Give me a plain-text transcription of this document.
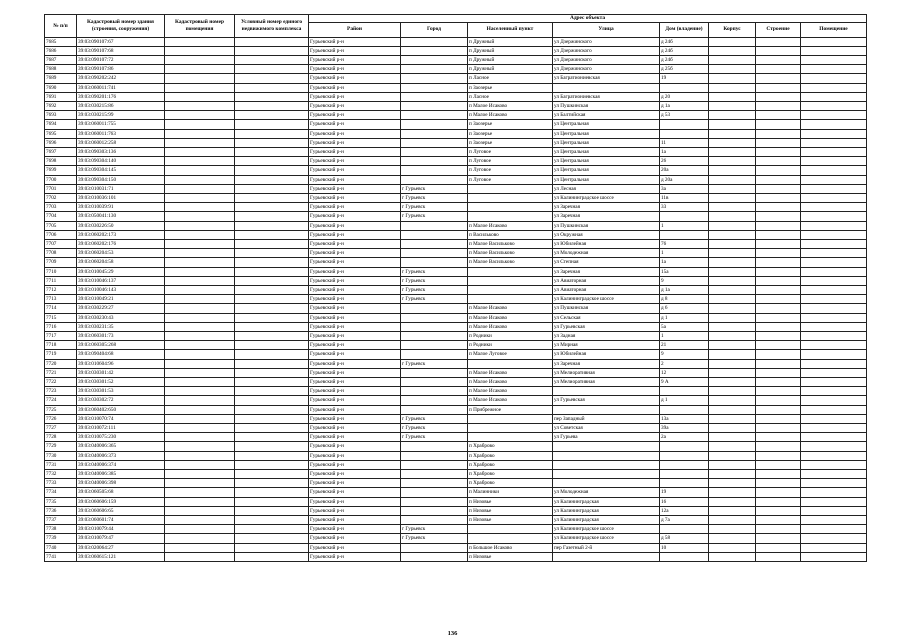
№ п/п	Кадастровый номер здания (строения, сооружения)	Кадастровый номер помещения	Условный номер единого недвижимого комплекса	Адрес объекта							
				Район	Город	Населенный пункт	Улица	Дом (владение)	Корпус	Строение	Помещение
7685	39:03:090107:67			Гурьевский р-н		п Дружный	ул Дзержинского	д 24б			
7686	39:03:090107:68			Гурьевский р-н		п Дружный	ул Дзержинского	д 24б			
7687	39:03:090107:72			Гурьевский р-н		п Дружный	ул Дзержинского	д 24б			
7688	39:03:090107:86			Гурьевский р-н		п Дружный	ул Дзержинского	д 25б			
7689	39:03:090202:242			Гурьевский р-н		п Ласное	ул Багратиониевская	19			
7690	39:03:060011:741			Гурьевский р-н		п Заозерье					
7691	39:03:090201:176			Гурьевский р-н		п Ласное	ул Багратиониевская	д 20			
7692	39:03:030215:86			Гурьевский р-н		п Малое Исаково	ул Пушкинская	д 1а			
7693	39:03:030215:99			Гурьевский р-н		п Малое Исаково	ул Балтийская	д 53			
7694	39:03:060011:755			Гурьевский р-н		п Заозерье	ул Центральная				
7695	39:03:060011:763			Гурьевский р-н		п Заозерье	ул Центральная				
7696	39:03:060012:258			Гурьевский р-н		п Заозерье	ул Центральная	11			
7697	39:03:090303:136			Гурьевский р-н		п Луговое	ул Центральная	1а			
7698	39:03:090304:140			Гурьевский р-н		п Луговое	ул Центральная	26			
7699	39:03:090304:145			Гурьевский р-н		п Луговое	ул Центральная	20а			
7700	39:03:090304:150			Гурьевский р-н		п Луговое	ул Центральная	д 20а			
7701	39:03:010031:71			Гурьевский р-н	г Гурьевск		ул Лесная	3а			
7702	39:03:010036:101			Гурьевский р-н	г Гурьевск		ул Калининградское шоссе	11в			
7703	39:03:010039:91			Гурьевский р-н	г Гурьевск		ул Заречная	33			
7704	39:03:050041:130			Гурьевский р-н	г Гурьевск		ул Заречная				
7705	39:03:030226:50			Гурьевский р-н		п Малое Исаково	ул Пушкинская	1			
7706	39:03:060202:173			Гурьевский р-н		п Васильково	ул Окружная				
7707	39:03:060202:176			Гурьевский р-н		п Малое Васильково	ул Юбилейная	76			
7708	39:03:060204:53			Гурьевский р-н		п Малое Васильково	ул Молодежная	1			
7709	39:03:060204:58			Гурьевский р-н		п Малое Васильково	ул Степная	1а			
7710	39:03:010045:29			Гурьевский р-н	г Гурьевск		ул Заречная	15а			
7711	39:03:010046:137			Гурьевский р-н	г Гурьевск		ул Авиаторная	9			
7712	39:03:010046:143			Гурьевский р-н	г Гурьевск		ул Авиаторная	д 1а			
7713	39:03:010049:21			Гурьевский р-н	г Гурьевск		ул Калининградское шоссе	д 8			
7714	39:03:030229:27			Гурьевский р-н		п Малое Исаково	ул Пушкинская	д 6			
7715	39:03:030230:43			Гурьевский р-н		п Малое Исаково	ул Сельская	д 1			
7716	39:03:030231:35			Гурьевский р-н		п Малое Исаково	ул Гурьевская	5а			
7717	39:03:060301:73			Гурьевский р-н		п Родники	ул Задная	1			
7718	39:03:060305:268			Гурьевский р-н		п Родники	ул Мирная	21			
7719	39:03:090404:68			Гурьевский р-н		п Малое Луговое	ул Юбилейная	9			
7720	39:03:010604:96			Гурьевский р-н	г Гурьевск		ул Заречная	2			
7721	39:03:030301:42			Гурьевский р-н		п Малое Исаково	ул Мелиоративная	12			
7722	39:03:030301:52			Гурьевский р-н		п Малое Исаково	ул Мелиоративная	9 А			
7723	39:03:030301:53			Гурьевский р-н		п Малое Исаково					
7724	39:03:030302:72			Гурьевский р-н		п Малое Исаково	ул Гурьевская	д 1			
7725	39:03:060402:650			Гурьевский р-н		п Прибрежное					
7726	39:03:010070:74			Гурьевский р-н	г Гурьевск		пер Западный	13а			
7727	39:03:010072:111			Гурьевский р-н	г Гурьевск		ул Советская	39а			
7728	39:03:010075:230			Гурьевский р-н	г Гурьевск		ул Гурьева	2а			
7729	39:03:040006:365			Гурьевский р-н		п Храброво					
7730	39:03:040006:373			Гурьевский р-н		п Храброво					
7731	39:03:040006:374			Гурьевский р-н		п Храброво					
7732	39:03:040006:385			Гурьевский р-н		п Храброво					
7733	39:03:040006:398			Гурьевский р-н		п Храброво					
7734	39:03:060505:68			Гурьевский р-н		п Малинники	ул Молодежная	19			
7735	39:03:060606:159			Гурьевский р-н		п Низовье	ул Калининградская	16			
7736	39:03:060606:65			Гурьевский р-н		п Низовье	ул Калининградская	12а			
7737	39:03:060601:74			Гурьевский р-н		п Низовье	ул Калининградская	д 7а			
7738	39:03:010079:44			Гурьевский р-н	г Гурьевск		ул Калининградское шоссе				
7739	39:03:010079:47			Гурьевский р-н	г Гурьевск		ул Калининградское шоссе	д 58			
7740	39:03:020064:27			Гурьевский р-н		п Большое Исаково	пер Газетный 2-й	10			
7741	39:03:060615:121			Гурьевский р-н		п Низовье					
136
